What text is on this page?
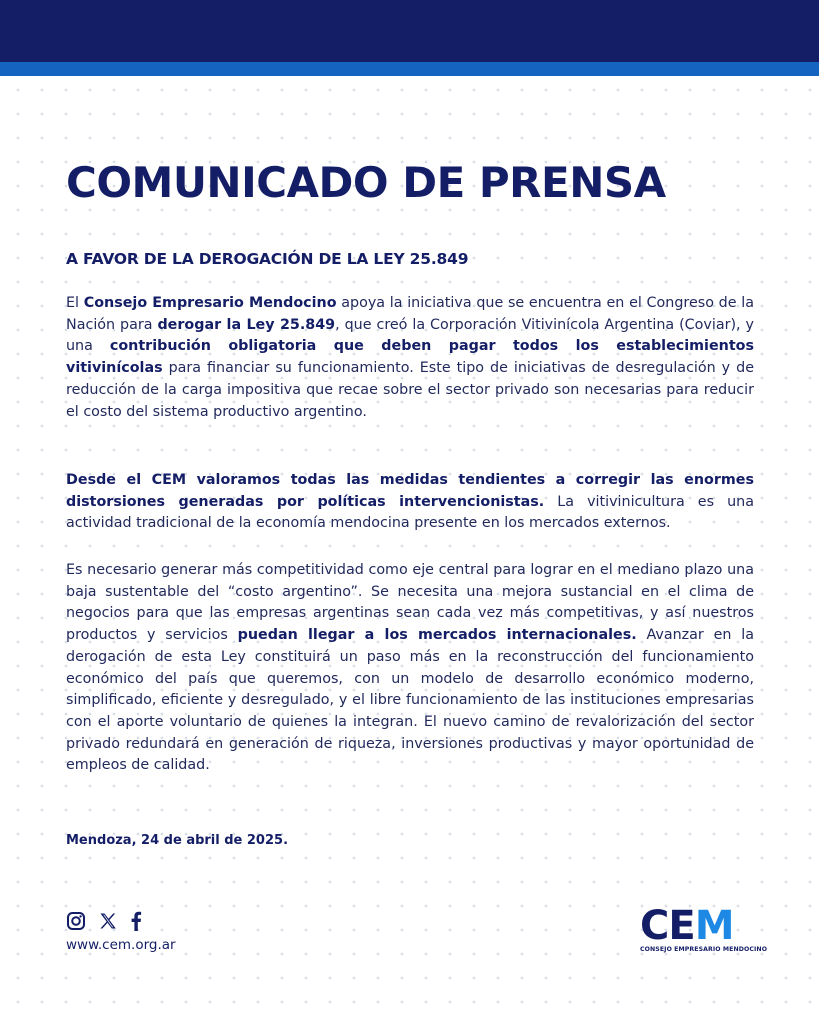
COMUNICADO DE PRENSA
A FAVOR DE LA DEROGACIÓN DE LA LEY 25.849

El Consejo Empresario Mendocino apoya la iniciativa que se encuentra en el Congreso de la Nación para derogar la Ley 25.849, que creó la Corporación Vitivinícola Argentina (Coviar), y una contribución obligatoria que deben pagar todos los establecimientos vitivinícolas para financiar su funcionamiento. Este tipo de iniciativas de desregulación y de reducción de la carga impositiva que recae sobre el sector privado son necesarias para reducir el costo del sistema productivo argentino.

Desde el CEM valoramos todas las medidas tendientes a corregir las enormes distorsiones generadas por políticas intervencionistas. La vitivinicultura es una actividad tradicional de la economía mendocina presente en los mercados externos.

Es necesario generar más competitividad como eje central para lograr en el mediano plazo una baja sustentable del “costo argentino”. Se necesita una mejora sustancial en el clima de negocios para que las empresas argentinas sean cada vez más competitivas, y así nuestros productos y servicios puedan llegar a los mercados internacionales. Avanzar en la derogación de esta Ley constituirá un paso más en la reconstrucción del funcionamiento económico del país que queremos, con un modelo de desarrollo económico moderno, simplificado, eficiente y desregulado, y el libre funcionamiento de las instituciones empresarias con el aporte voluntario de quienes la integran. El nuevo camino de revalorización del sector privado redundará en generación de riqueza, inversiones productivas y mayor oportunidad de empleos de calidad.

Mendoza, 24 de abril de 2025.
www.cem.org.ar	CEM
CONSEJO EMPRESARIO MENDOCINO
